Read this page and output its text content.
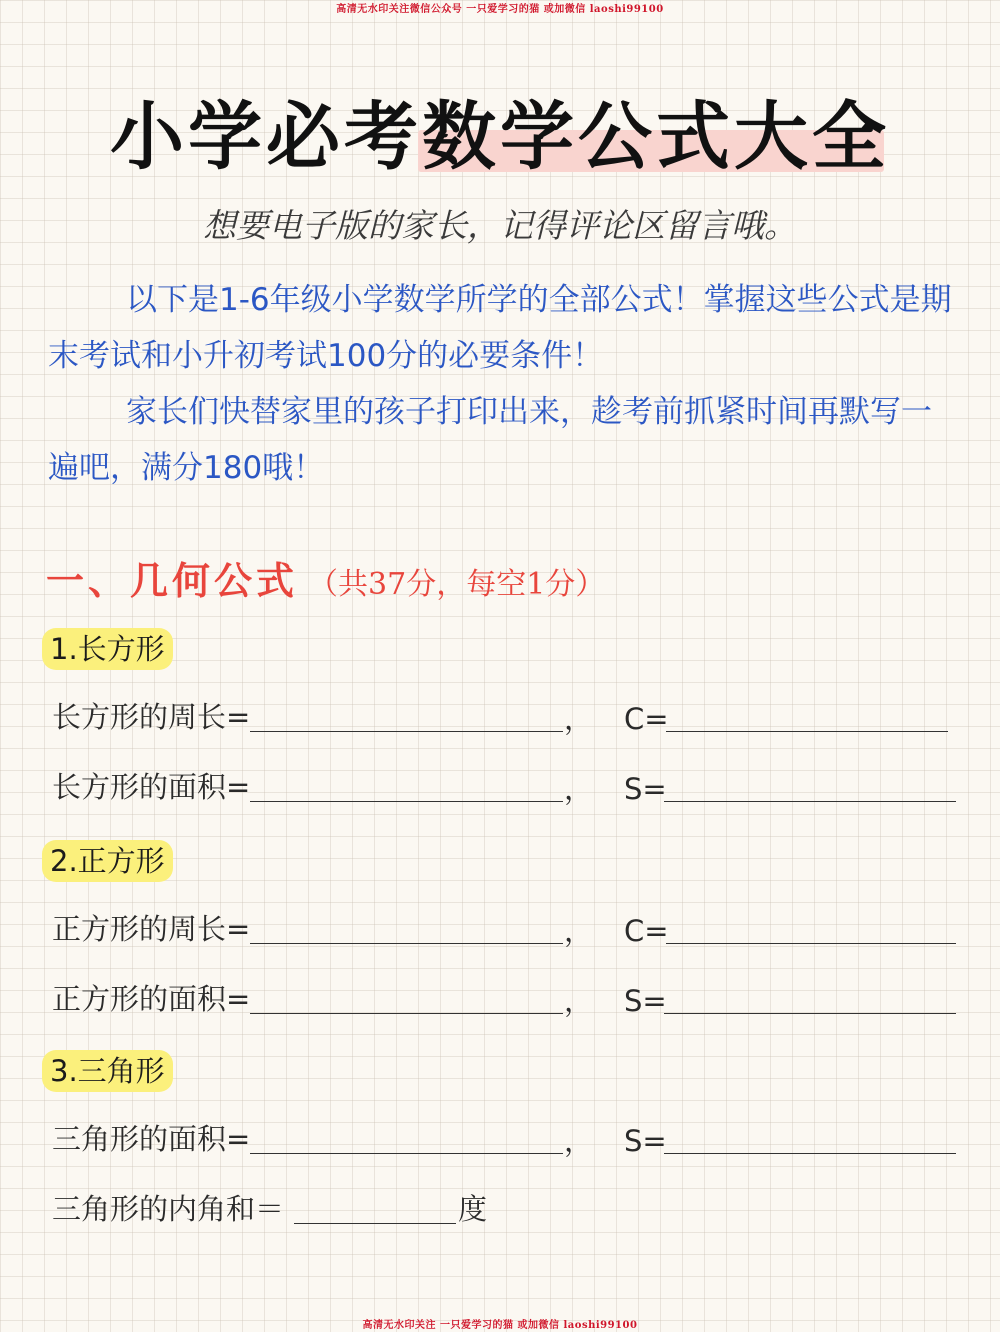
高清无水印关注微信公众号 一只爱学习的猫 或加微信 laoshi99100
小学必考数学公式大全
想要电子版的家长，记得评论区留言哦。

以下是1-6年级小学数学所学的全部公式！掌握这些公式是期末考试和小升初考试100分的必要条件！

家长们快替家里的孩子打印出来，趁考前抓紧时间再默写一遍吧，满分180哦！

一、几何公式 （共37分，每空1分）
1.长方形
长方形的周长=	， C=
长方形的面积=	， S=
2.正方形
正方形的周长=	， C=
正方形的面积=	， S=
3.三角形
三角形的面积=	， S=
三角形的内角和＝	度
高清无水印关注 一只爱学习的猫 或加微信 laoshi99100
